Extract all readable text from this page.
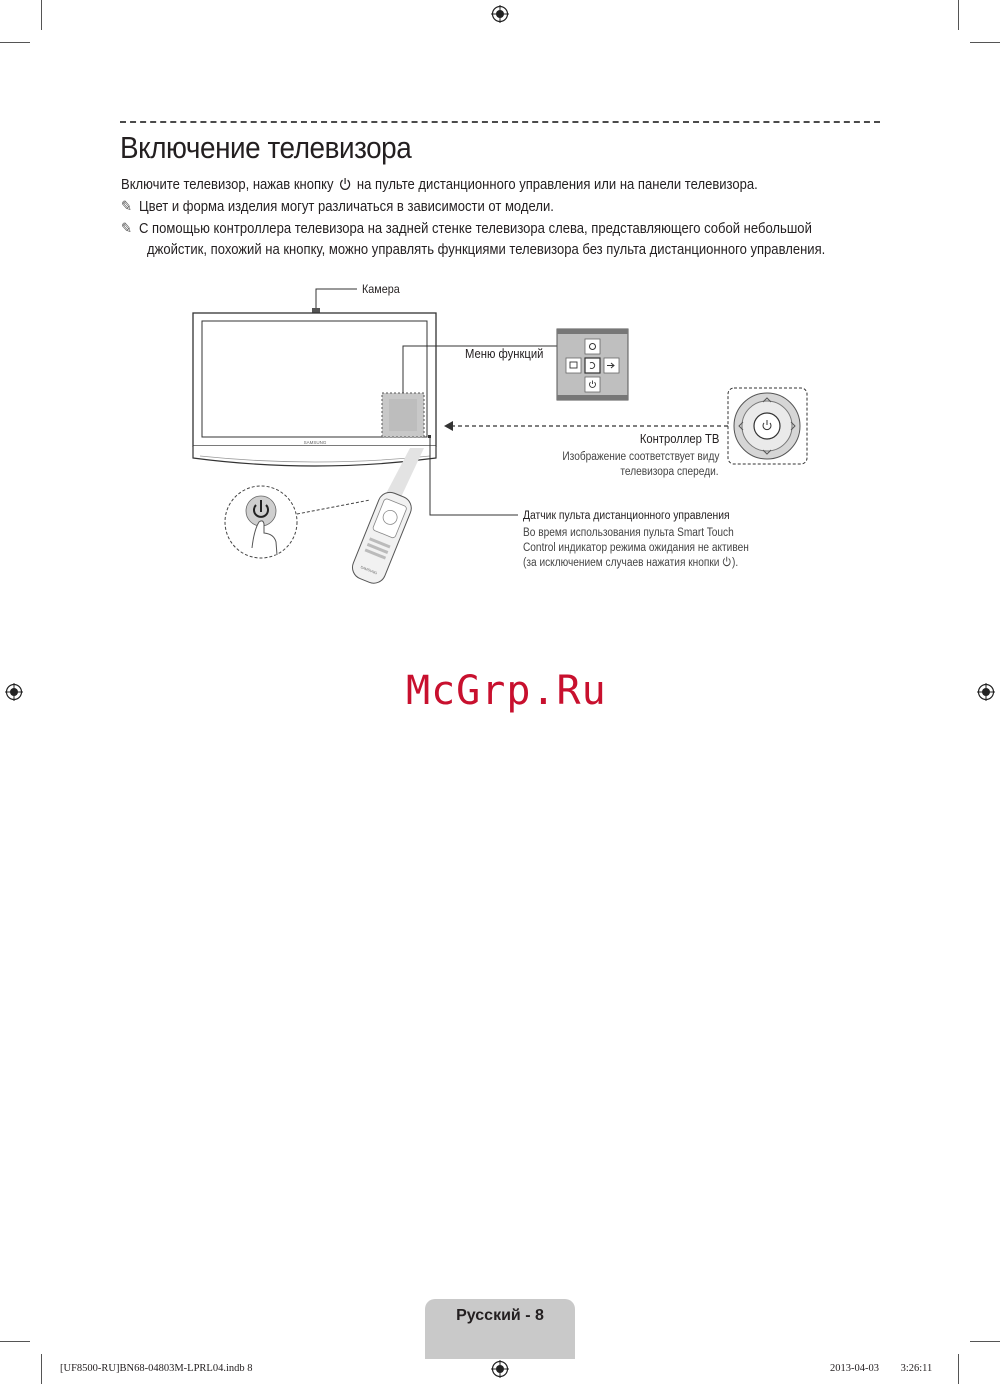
Включение телевизора
Включите телевизор, нажав кнопку на пульте дистанционного управления или на панели телевизора.
✎ Цвет и форма изделия могут различаться в зависимости от модели.
✎ С помощью контроллера телевизора на задней стенке телевизора слева, представляющего собой небольшой
джойстик, похожий на кнопку, можно управлять функциями телевизора без пульта дистанционного управления.
SAMSUNG
SAMSUNG
Камера
Меню функций
Контроллер ТВ
Изображение соответствует виду
телевизора спереди.
Датчик пульта дистанционного управления
Во время использования пульта Smart Touch
Control индикатор режима ожидания не активен
(за исключением случаев нажатия кнопки ).
McGrp.Ru
Русский - 8
[UF8500-RU]BN68-04803M-LPRL04.indb 8	2013-04-03 ￿￿ 3:26:11
